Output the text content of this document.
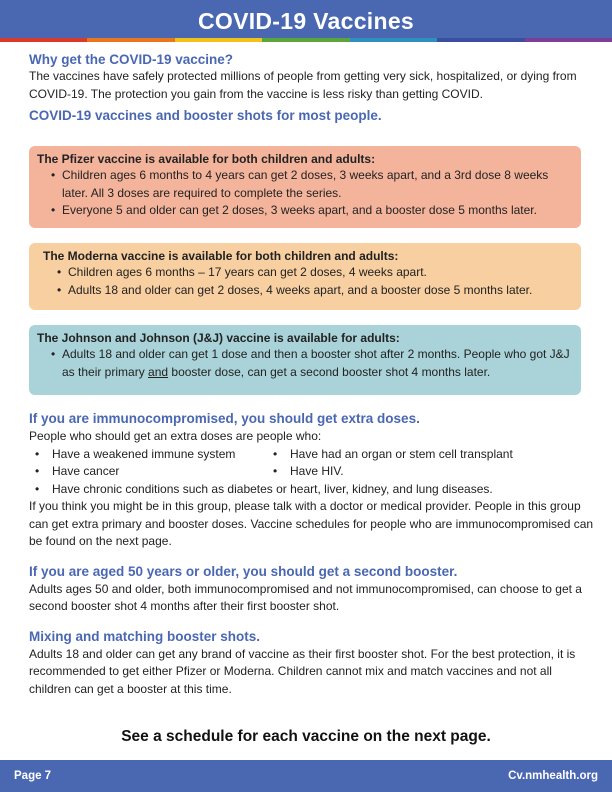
COVID-19 Vaccines
Why get the COVID-19 vaccine?

The vaccines have safely protected millions of people from getting very sick, hospitalized, or dying from COVID-19. The protection you gain from the vaccine is less risky than getting COVID.

COVID-19 vaccines and booster shots for most people.
The Pfizer vaccine is available for both children and adults:
• Children ages 6 months to 4 years can get 2 doses, 3 weeks apart, and a 3rd dose 8 weeks later. All 3 doses are required to complete the series.
• Everyone 5 and older can get 2 doses, 3 weeks apart, and a booster dose 5 months later.
The Moderna vaccine is available for both children and adults:
• Children ages 6 months – 17 years can get 2 doses, 4 weeks apart.
• Adults 18 and older can get 2 doses, 4 weeks apart, and a booster dose 5 months later.
The Johnson and Johnson (J&J) vaccine is available for adults:
• Adults 18 and older can get 1 dose and then a booster shot after 2 months. People who got J&J as their primary and booster dose, can get a second booster shot 4 months later.
If you are immunocompromised, you should get extra doses.

People who should get an extra doses are people who:

• Have a weakened immune system	• Have had an organ or stem cell transplant
• Have cancer	• Have HIV.
• Have chronic conditions such as diabetes or heart, liver, kidney, and lung diseases.

If you think you might be in this group, please talk with a doctor or medical provider. People in this group can get extra primary and booster doses. Vaccine schedules for people who are immunocompromised can be found on the next page.

If you are aged 50 years or older, you should get a second booster.

Adults ages 50 and older, both immunocompromised and not immunocompromised, can choose to get a second booster shot 4 months after their first booster shot.

Mixing and matching booster shots.

Adults 18 and older can get any brand of vaccine as their first booster shot. For the best protection, it is recommended to get either Pfizer or Moderna. Children cannot mix and match vaccines and not all children can get a booster at this time.

See a schedule for each vaccine on the next page.
Page 7	Cv.nmhealth.org
